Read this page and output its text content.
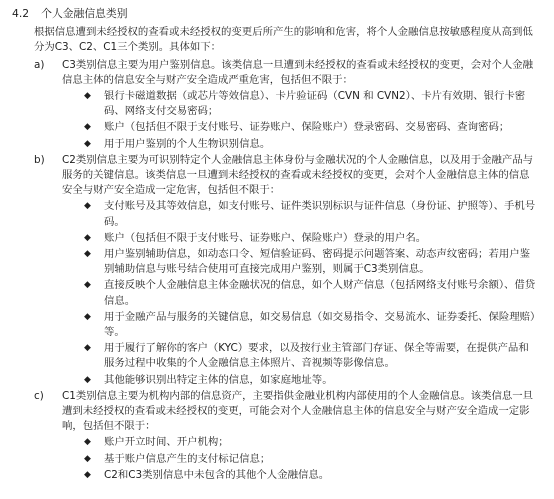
4.2 个人金融信息类别
根据信息遭到未经授权的查看或未经授权的变更后所产生的影响和危害，将个人金融信息按敏感程度从高到低分为C3、C2、C1三个类别。具体如下：
a) C3类别信息主要为用户鉴别信息。该类信息一旦遭到未经授权的查看或未经授权的变更，会对个人金融信息主体的信息安全与财产安全造成严重危害，包括但不限于：
◆ 银行卡磁道数据（或芯片等效信息）、卡片验证码（CVN 和 CVN2）、卡片有效期、银行卡密码、网络支付交易密码；
◆ 账户（包括但不限于支付账号、证券账户、保险账户）登录密码、交易密码、查询密码；
◆ 用于用户鉴别的个人生物识别信息。
b) C2类别信息主要为可识别特定个人金融信息主体身份与金融状况的个人金融信息，以及用于金融产品与服务的关键信息。该类信息一旦遭到未经授权的查看或未经授权的变更，会对个人金融信息主体的信息安全与财产安全造成一定危害，包括但不限于：
◆ 支付账号及其等效信息，如支付账号、证件类识别标识与证件信息（身份证、护照等）、手机号码。
◆ 账户（包括但不限于支付账号、证券账户、保险账户）登录的用户名。
◆ 用户鉴别辅助信息，如动态口令、短信验证码、密码提示问题答案、动态声纹密码；若用户鉴别辅助信息与账号结合使用可直接完成用户鉴别，则属于C3类别信息。
◆ 直接反映个人金融信息主体金融状况的信息，如个人财产信息（包括网络支付账号余额）、借贷信息。
◆ 用于金融产品与服务的关键信息，如交易信息（如交易指令、交易流水、证券委托、保险理赔）等。
◆ 用于履行了解你的客户（KYC）要求，以及按行业主管部门存证、保全等需要，在提供产品和服务过程中收集的个人金融信息主体照片、音视频等影像信息。
◆ 其他能够识别出特定主体的信息，如家庭地址等。
c) C1类别信息主要为机构内部的信息资产，主要指供金融业机构内部使用的个人金融信息。该类信息一旦遭到未经授权的查看或未经授权的变更，可能会对个人金融信息主体的信息安全与财产安全造成一定影响，包括但不限于：
◆ 账户开立时间、开户机构；
◆ 基于账户信息产生的支付标记信息；
◆ C2和C3类别信息中未包含的其他个人金融信息。
